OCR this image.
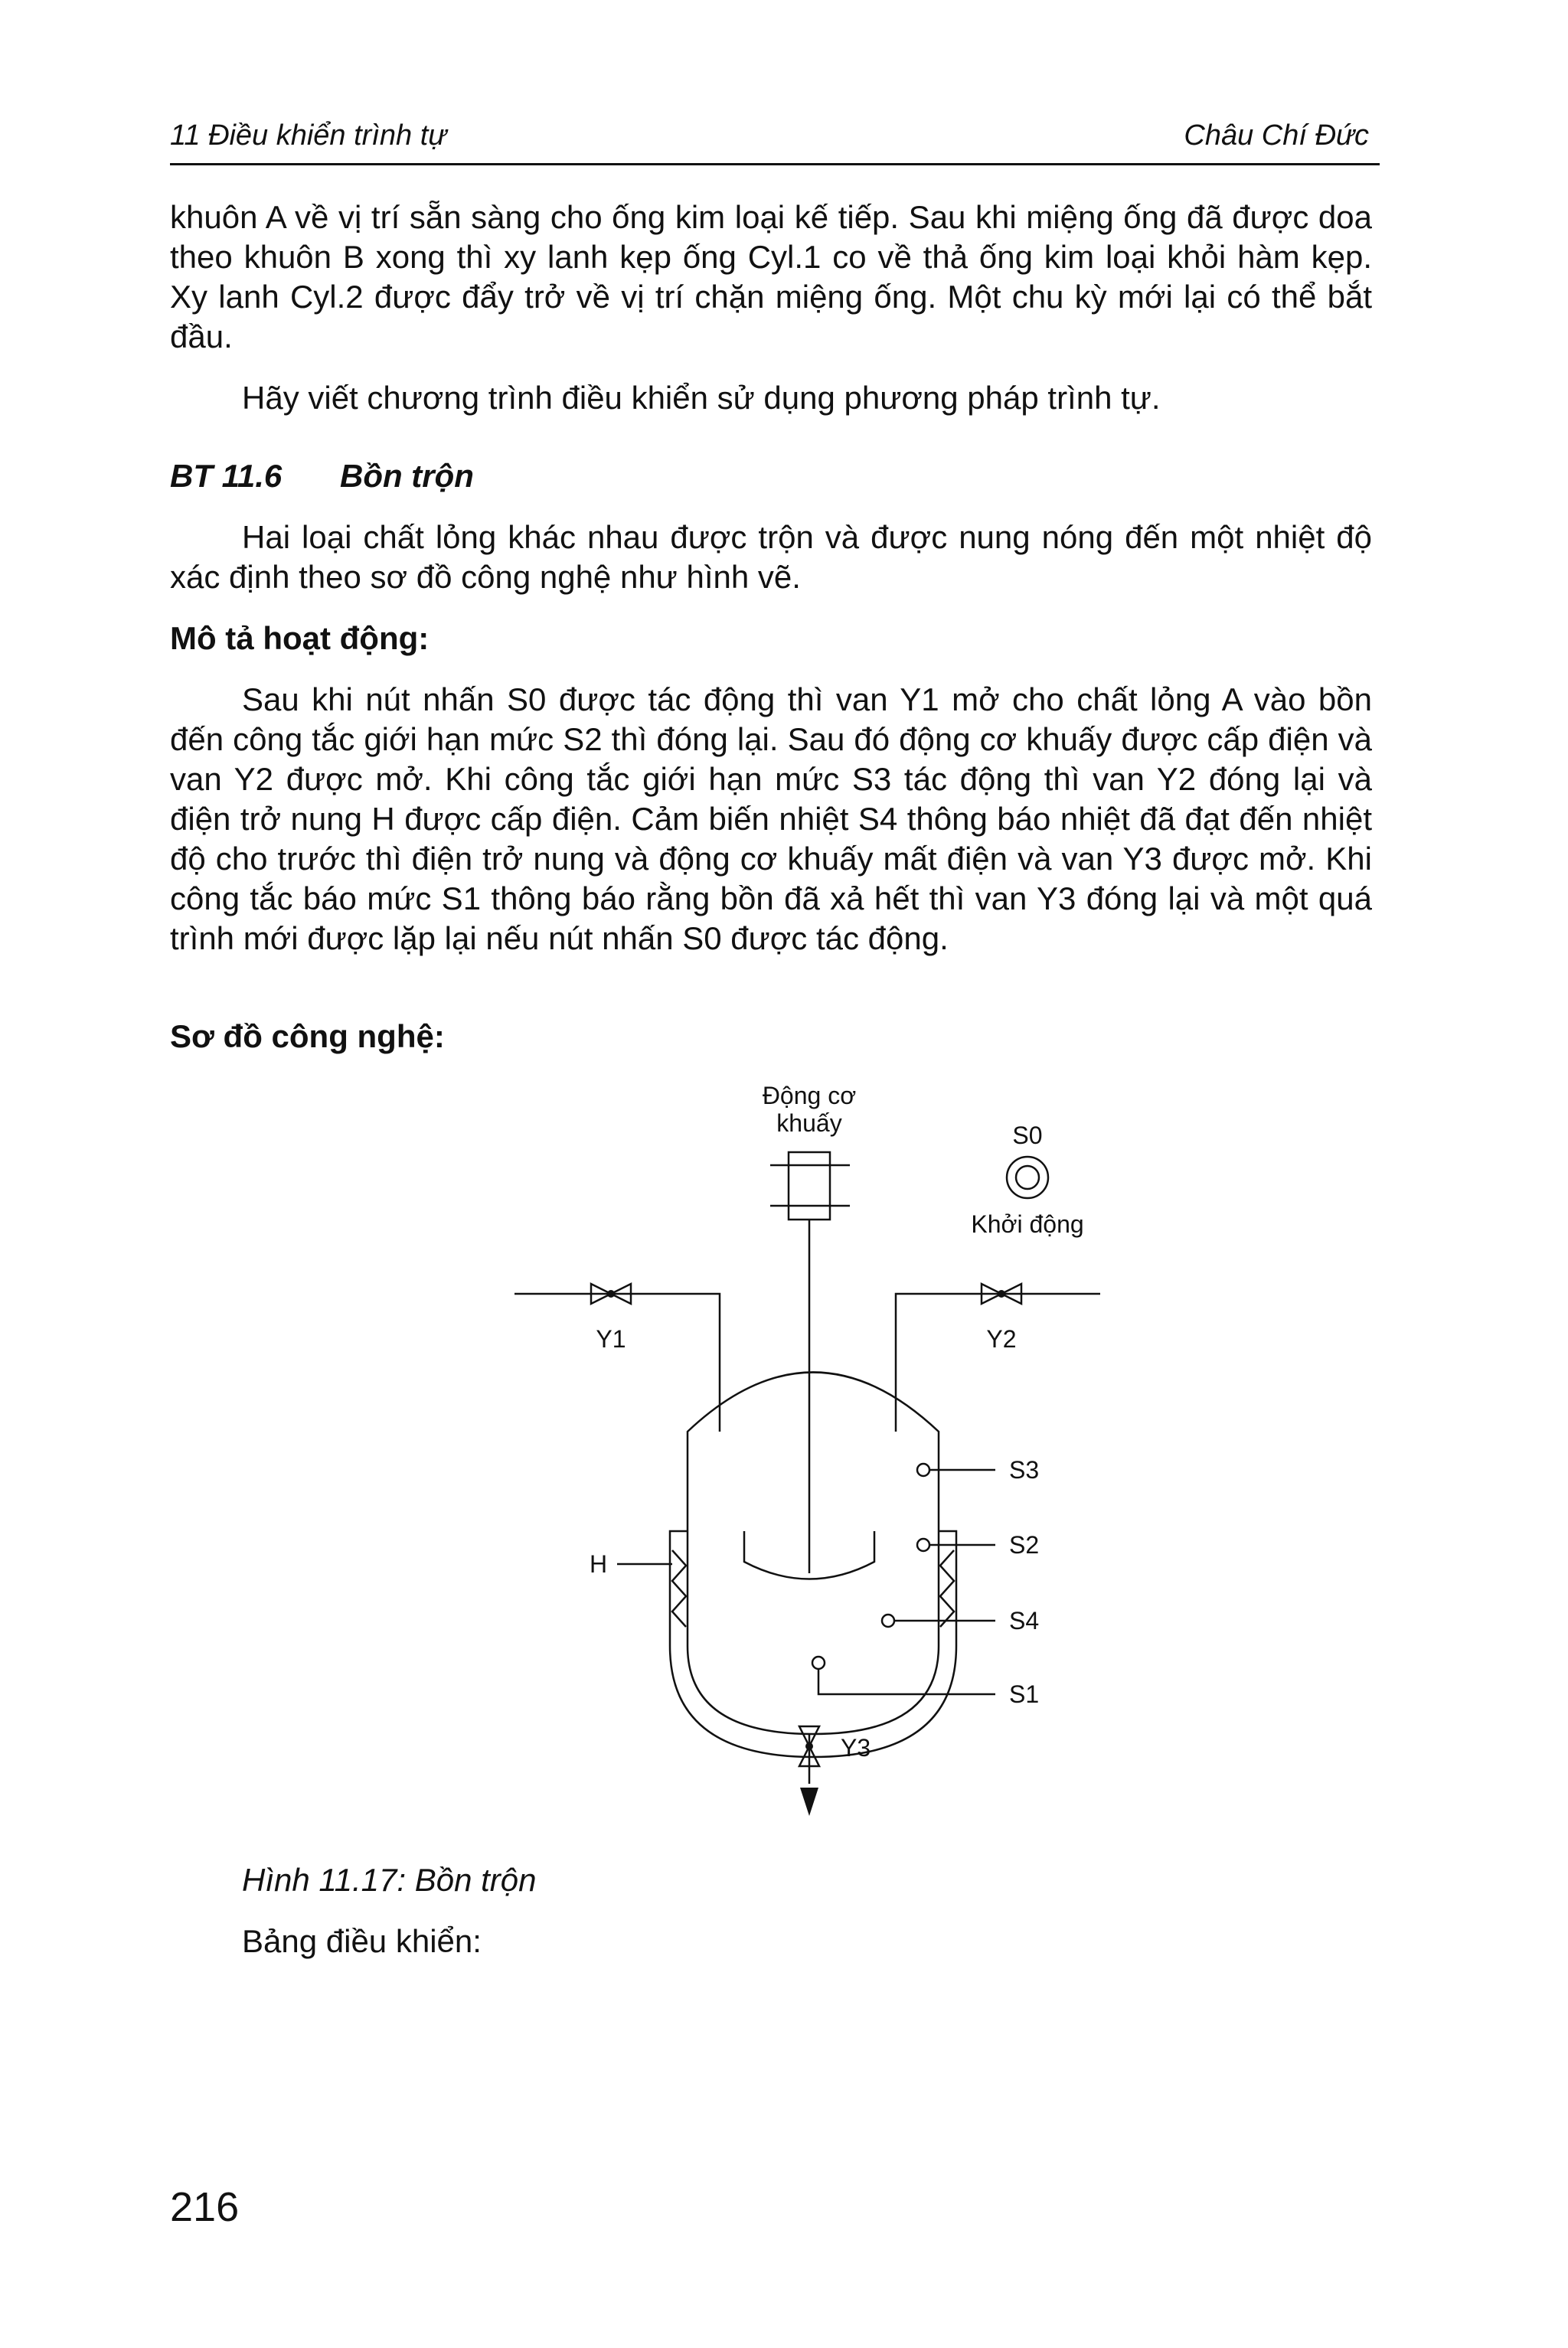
11 Điều khiển trình tự	Châu Chí Đức

khuôn A về vị trí sẵn sàng cho ống kim loại kế tiếp. Sau khi miệng ống đã được doa theo khuôn B xong thì xy lanh kẹp ống Cyl.1 co về thả ống kim loại khỏi hàm kẹp. Xy lanh Cyl.2 được đẩy trở về vị trí chặn miệng ống. Một chu kỳ mới lại có thể bắt đầu.

Hãy viết chương trình điều khiển sử dụng phương pháp trình tự.

BT 11.6 Bồn trộn

Hai loại chất lỏng khác nhau được trộn và được nung nóng đến một nhiệt độ xác định theo sơ đồ công nghệ như hình vẽ.

Mô tả hoạt động:

Sau khi nút nhấn S0 được tác động thì van Y1 mở cho chất lỏng A vào bồn đến công tắc giới hạn mức S2 thì đóng lại. Sau đó động cơ khuấy được cấp điện và van Y2 được mở. Khi công tắc giới hạn mức S3 tác động thì van Y2 đóng lại và điện trở nung H được cấp điện. Cảm biến nhiệt S4 thông báo nhiệt đã đạt đến nhiệt độ cho trước thì điện trở nung và động cơ khuấy mất điện và van Y3 được mở. Khi công tắc báo mức S1 thông báo rằng bồn đã xả hết thì van Y3 đóng lại và một quá trình mới được lặp lại nếu nút nhấn S0 được tác động.

Sơ đồ công nghệ:

Động cơ
khuấy	S0
Khởi động
Y1	Y2
S3
S2
S4
S1
H
Y3

Hình 11.17: Bồn trộn

Bảng điều khiển:

216
